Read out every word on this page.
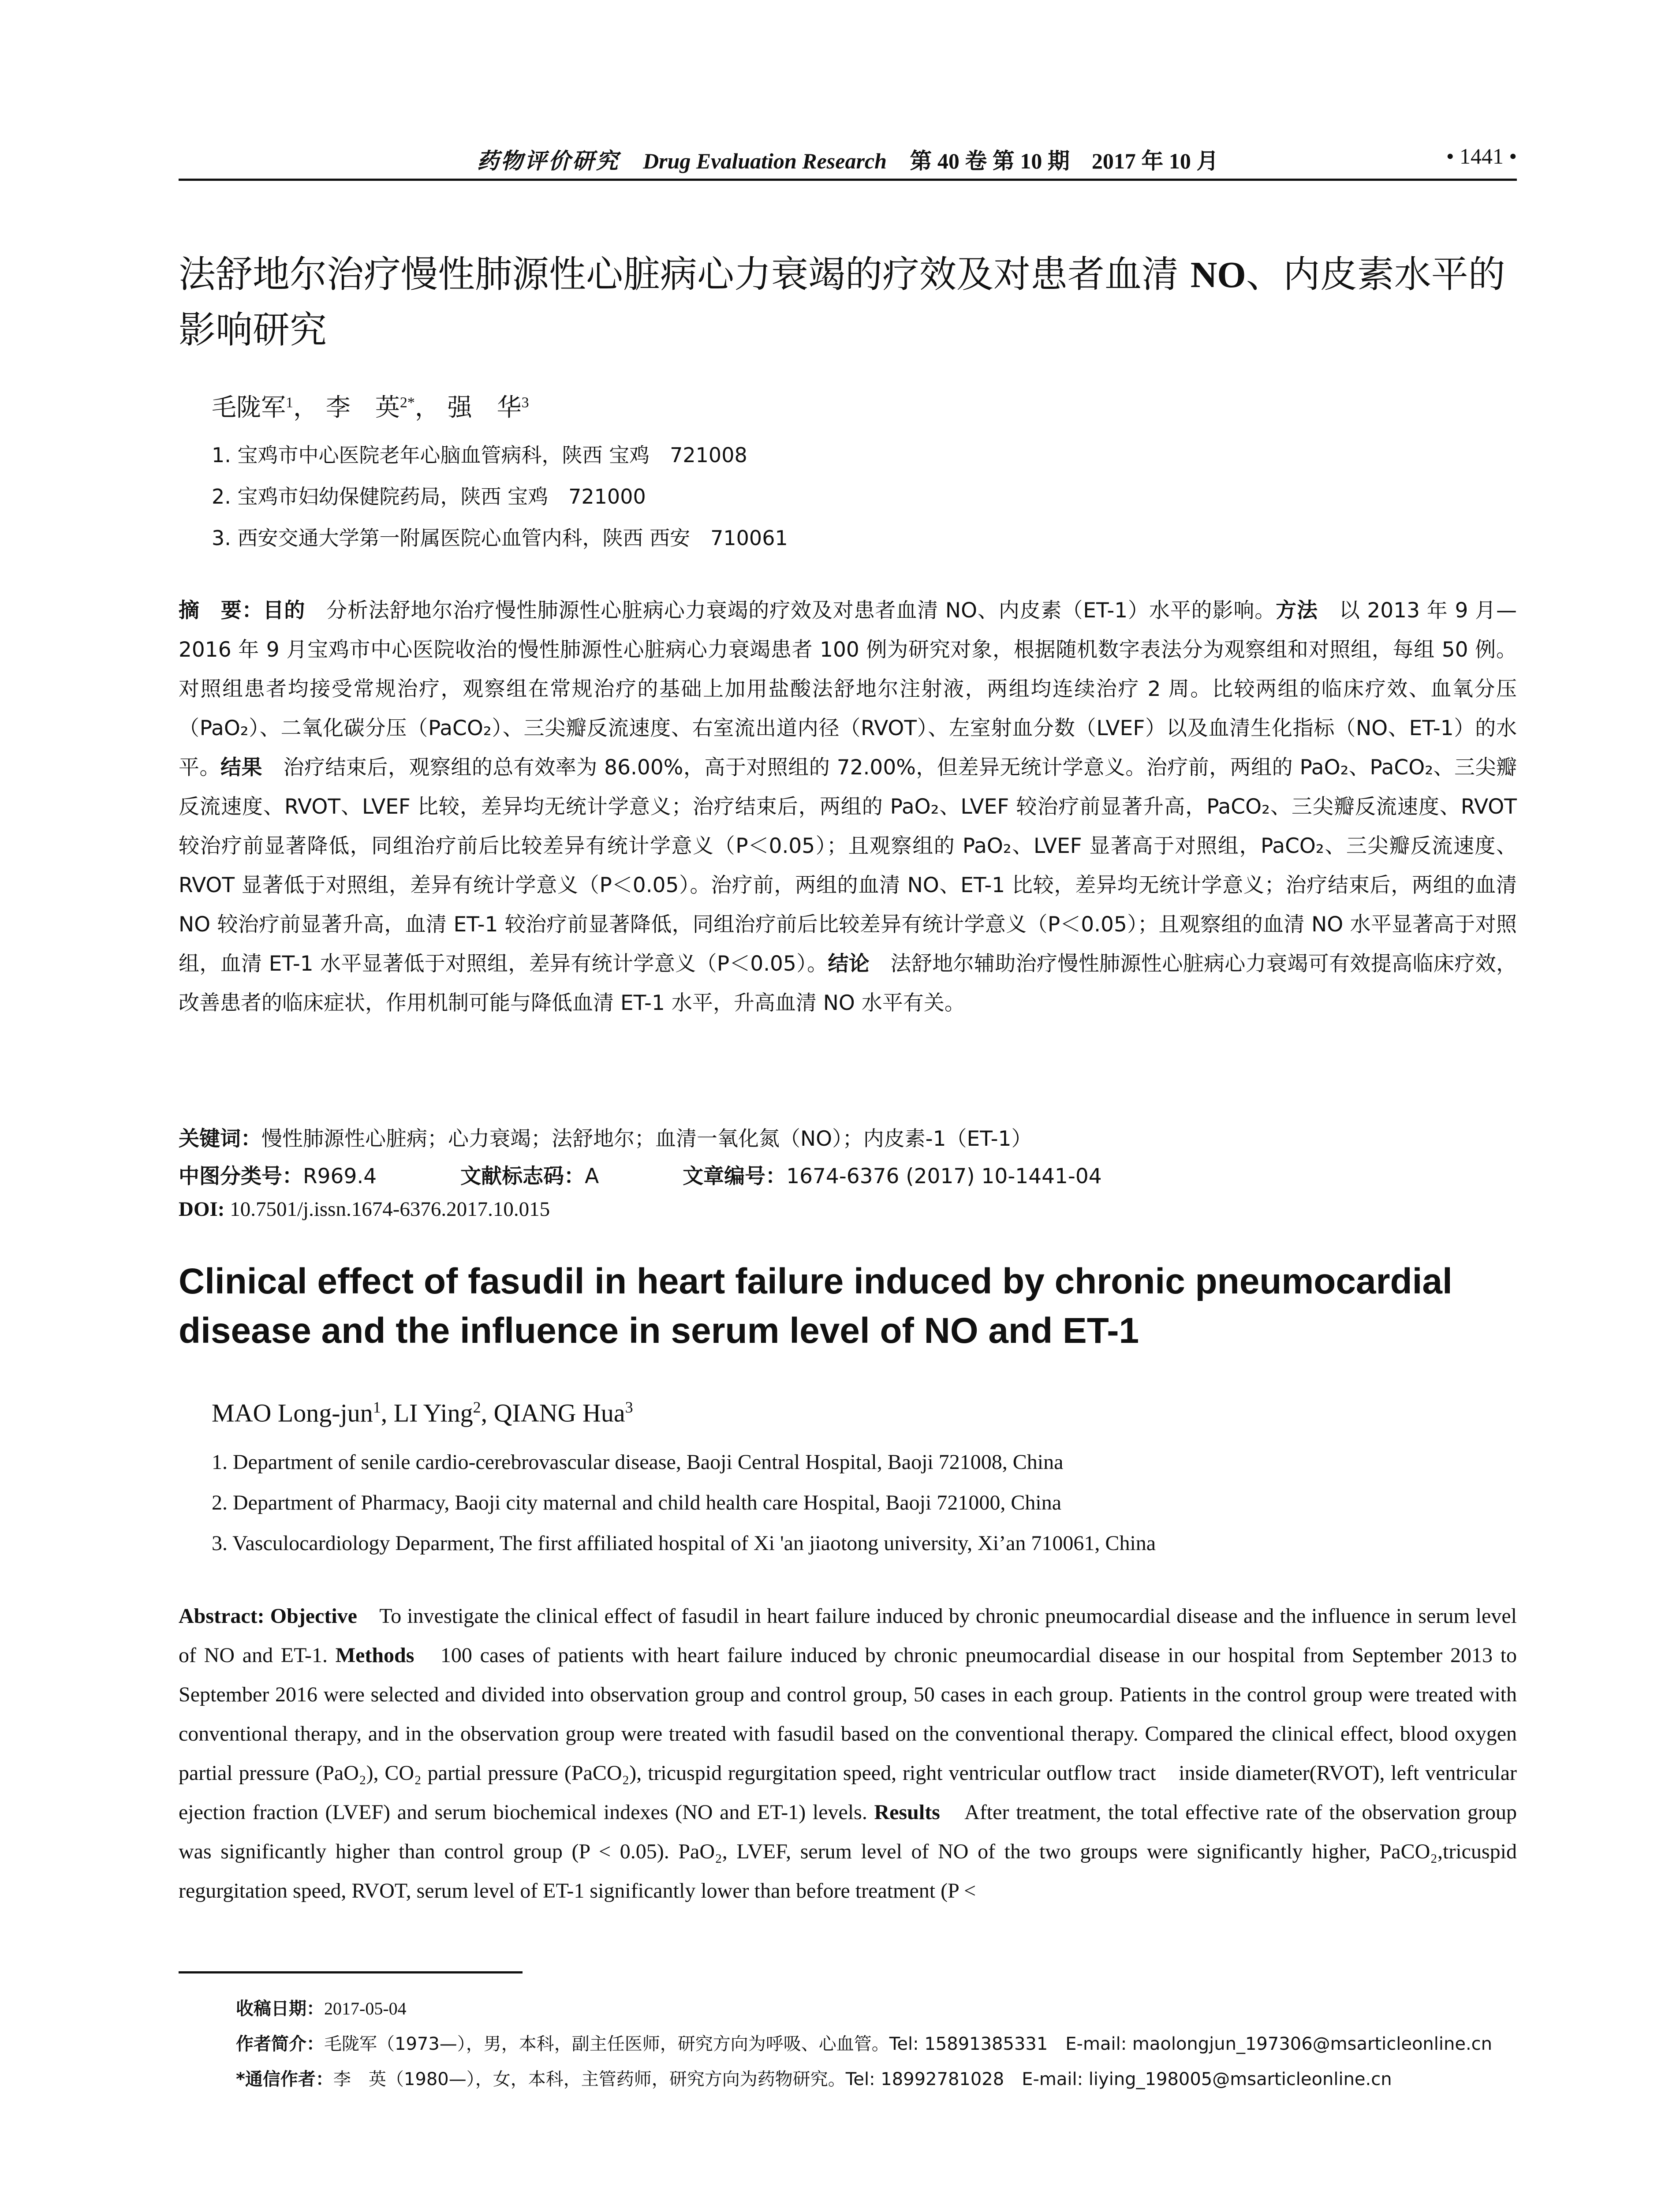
药物评价研究 Drug Evaluation Research 第 40 卷 第 10 期　2017 年 10 月	• 1441 •
法舒地尔治疗慢性肺源性心脏病心力衰竭的疗效及对患者血清 NO、内皮素水平的影响研究
毛陇军$^1$， 李　英$^{2*}$， 强　华$^3$
1. 宝鸡市中心医院老年心脑血管病科，陕西 宝鸡　721008
2. 宝鸡市妇幼保健院药局，陕西 宝鸡　721000
3. 西安交通大学第一附属医院心血管内科，陕西 西安　710061
摘　要：目的　分析法舒地尔治疗慢性肺源性心脏病心力衰竭的疗效及对患者血清 NO、内皮素（ET-1）水平的影响。方法　以 2013 年 9 月—2016 年 9 月宝鸡市中心医院收治的慢性肺源性心脏病心力衰竭患者 100 例为研究对象，根据随机数字表法分为观察组和对照组，每组 50 例。对照组患者均接受常规治疗，观察组在常规治疗的基础上加用盐酸法舒地尔注射液，两组均连续治疗 2 周。比较两组的临床疗效、血氧分压（PaO₂）、二氧化碳分压（PaCO₂）、三尖瓣反流速度、右室流出道内径（RVOT）、左室射血分数（LVEF）以及血清生化指标（NO、ET-1）的水平。结果　治疗结束后，观察组的总有效率为 86.00%，高于对照组的 72.00%，但差异无统计学意义。治疗前，两组的 PaO₂、PaCO₂、三尖瓣反流速度、RVOT、LVEF 比较，差异均无统计学意义；治疗结束后，两组的 PaO₂、LVEF 较治疗前显著升高，PaCO₂、三尖瓣反流速度、RVOT 较治疗前显著降低，同组治疗前后比较差异有统计学意义（P＜0.05）；且观察组的 PaO₂、LVEF 显著高于对照组，PaCO₂、三尖瓣反流速度、RVOT 显著低于对照组，差异有统计学意义（P＜0.05）。治疗前，两组的血清 NO、ET-1 比较，差异均无统计学意义；治疗结束后，两组的血清 NO 较治疗前显著升高，血清 ET-1 较治疗前显著降低，同组治疗前后比较差异有统计学意义（P＜0.05）；且观察组的血清 NO 水平显著高于对照组，血清 ET-1 水平显著低于对照组，差异有统计学意义（P＜0.05）。结论　法舒地尔辅助治疗慢性肺源性心脏病心力衰竭可有效提高临床疗效，改善患者的临床症状，作用机制可能与降低血清 ET-1 水平，升高血清 NO 水平有关。
关键词：慢性肺源性心脏病；心力衰竭；法舒地尔；血清一氧化氮（NO）；内皮素-1（ET-1）
中图分类号：R969.4	文献标志码：A	文章编号：1674-6376 (2017) 10-1441-04
DOI: 10.7501/j.issn.1674-6376.2017.10.015
Clinical effect of fasudil in heart failure induced by chronic pneumocardial
disease and the influence in serum level of NO and ET-1
MAO Long-jun$^1$, LI Ying$^2$, QIANG Hua$^3$
1. Department of senile cardio-cerebrovascular disease, Baoji Central Hospital, Baoji 721008, China
2. Department of Pharmacy, Baoji city maternal and child health care Hospital, Baoji 721000, China
3. Vasculocardiology Deparment, The first affiliated hospital of Xi 'an jiaotong university, Xi’an 710061, China
Abstract: Objective　To investigate the clinical effect of fasudil in heart failure induced by chronic pneumocardial disease and the influence in serum level of NO and ET-1. Methods　100 cases of patients with heart failure induced by chronic pneumocardial disease in our hospital from September 2013 to September 2016 were selected and divided into observation group and control group, 50 cases in each group. Patients in the control group were treated with conventional therapy, and in the observation group were treated with fasudil based on the conventional therapy. Compared the clinical effect, blood oxygen partial pressure (PaO₂), CO₂ partial pressure (PaCO₂), tricuspid regurgitation speed, right ventricular outflow tract　inside diameter(RVOT), left ventricular ejection fraction (LVEF) and serum biochemical indexes (NO and ET-1) levels. Results　After treatment, the total effective rate of the observation group was significantly higher than control group (P < 0.05). PaO₂, LVEF, serum level of NO of the two groups were significantly higher, PaCO₂,tricuspid regurgitation speed, RVOT, serum level of ET-1 significantly lower than before treatment (P <
收稿日期：2017-05-04
作者简介：毛陇军（1973—），男，本科，副主任医师，研究方向为呼吸、心血管。Tel: 15891385331　E-mail: maolongjun_197306@msarticleonline.cn
*通信作者：李　英（1980—），女，本科，主管药师，研究方向为药物研究。Tel: 18992781028　E-mail: liying_198005@msarticleonline.cn
